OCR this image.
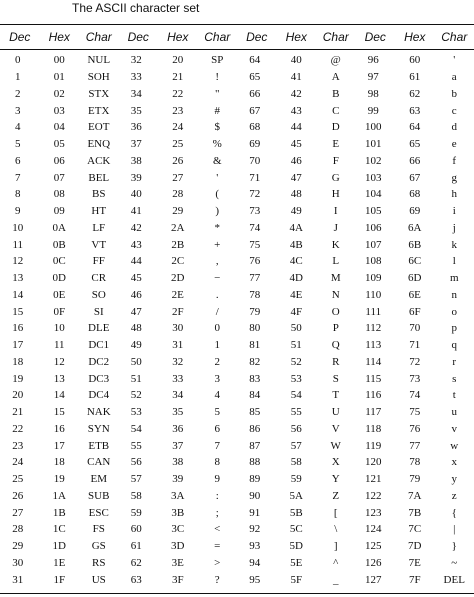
The ASCII character set
Dec	Hex	Char	Dec	Hex	Char	Dec	Hex	Char	Dec	Hex	Char
0	00	NUL	32	20	SP	64	40	@	96	60	'
1	01	SOH	33	21	!	65	41	A	97	61	a
2	02	STX	34	22	"	66	42	B	98	62	b
3	03	ETX	35	23	#	67	43	C	99	63	c
4	04	EOT	36	24	$	68	44	D	100	64	d
5	05	ENQ	37	25	%	69	45	E	101	65	e
6	06	ACK	38	26	&	70	46	F	102	66	f
7	07	BEL	39	27	'	71	47	G	103	67	g
8	08	BS	40	28	(	72	48	H	104	68	h
9	09	HT	41	29	)	73	49	I	105	69	i
10	0A	LF	42	2A	*	74	4A	J	106	6A	j
11	0B	VT	43	2B	+	75	4B	K	107	6B	k
12	0C	FF	44	2C	,	76	4C	L	108	6C	l
13	0D	CR	45	2D	−	77	4D	M	109	6D	m
14	0E	SO	46	2E	.	78	4E	N	110	6E	n
15	0F	SI	47	2F	/	79	4F	O	111	6F	o
16	10	DLE	48	30	0	80	50	P	112	70	p
17	11	DC1	49	31	1	81	51	Q	113	71	q
18	12	DC2	50	32	2	82	52	R	114	72	r
19	13	DC3	51	33	3	83	53	S	115	73	s
20	14	DC4	52	34	4	84	54	T	116	74	t
21	15	NAK	53	35	5	85	55	U	117	75	u
22	16	SYN	54	36	6	86	56	V	118	76	v
23	17	ETB	55	37	7	87	57	W	119	77	w
24	18	CAN	56	38	8	88	58	X	120	78	x
25	19	EM	57	39	9	89	59	Y	121	79	y
26	1A	SUB	58	3A	:	90	5A	Z	122	7A	z
27	1B	ESC	59	3B	;	91	5B	[	123	7B	{
28	1C	FS	60	3C	<	92	5C	\	124	7C	|
29	1D	GS	61	3D	=	93	5D	]	125	7D	}
30	1E	RS	62	3E	>	94	5E	^	126	7E	~
31	1F	US	63	3F	?	95	5F	_	127	7F	DEL
